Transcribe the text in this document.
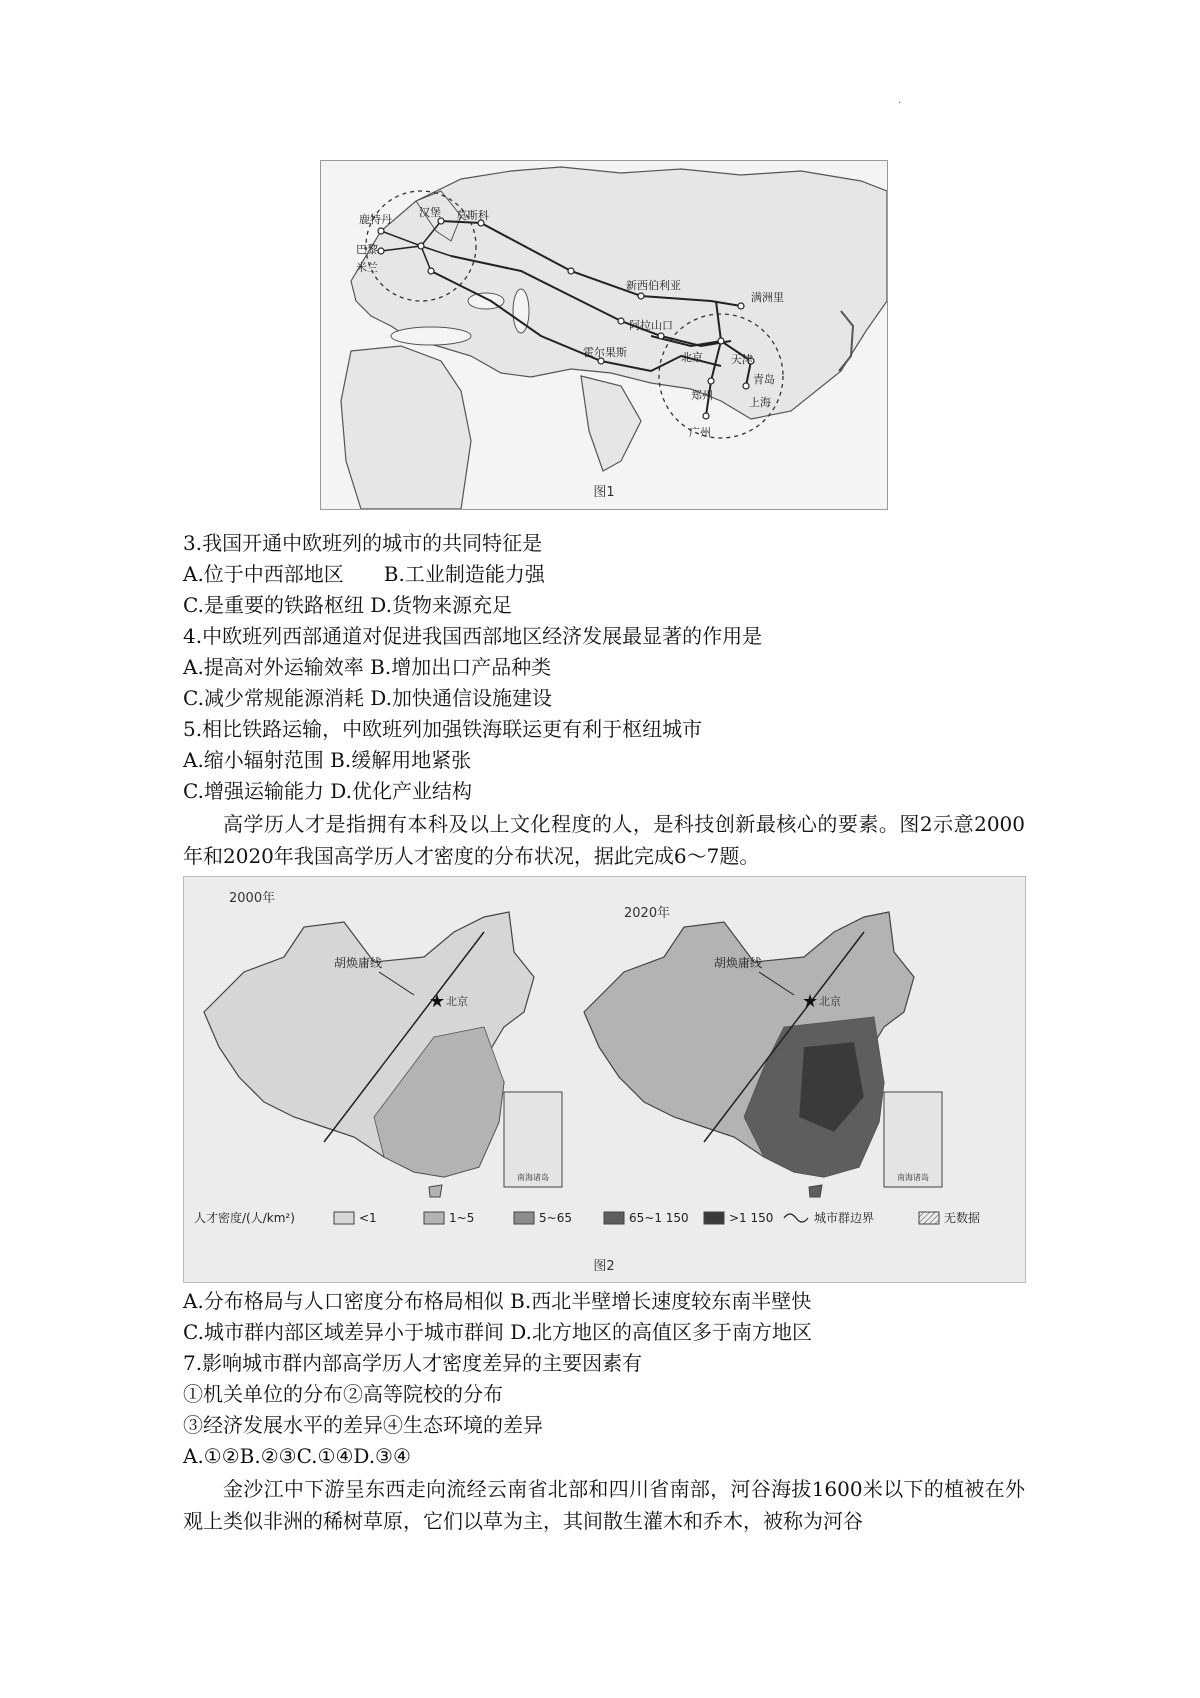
·
鹿特丹
汉堡 莫斯科
巴黎
米兰
新西伯利亚
满洲里
阿拉山口
霍尔果斯	北京	天津
青岛
郑州
上海
广州
图1
3.我国开通中欧班列的城市的共同特征是
A.位于中西部地区　　B.工业制造能力强
C.是重要的铁路枢纽 D.货物来源充足
4.中欧班列西部通道对促进我国西部地区经济发展最显著的作用是
A.提高对外运输效率 B.增加出口产品种类
C.减少常规能源消耗 D.加快通信设施建设
5.相比铁路运输，中欧班列加强铁海联运更有利于枢纽城市
A.缩小辐射范围 B.缓解用地紧张
C.增强运输能力 D.优化产业结构
高学历人才是指拥有本科及以上文化程度的人，是科技创新最核心的要素。图2示意2000年和2020年我国高学历人才密度的分布状况，据此完成6～7题。
2000年
胡焕庸线
★ 北京
南海诸岛
2020年
胡焕庸线
★ 北京
南海诸岛
人才密度/(人/km²)	<1	1~5	5~65	65~1 150	>1 150	城市群边界	无数据
图2
A.分布格局与人口密度分布格局相似 B.西北半壁增长速度较东南半壁快
C.城市群内部区域差异小于城市群间 D.北方地区的高值区多于南方地区
7.影响城市群内部高学历人才密度差异的主要因素有
①机关单位的分布②高等院校的分布
③经济发展水平的差异④生态环境的差异
A.①②B.②③C.①④D.③④
金沙江中下游呈东西走向流经云南省北部和四川省南部，河谷海拔1600米以下的植被在外观上类似非洲的稀树草原，它们以草为主，其间散生灌木和乔木，被称为河谷
